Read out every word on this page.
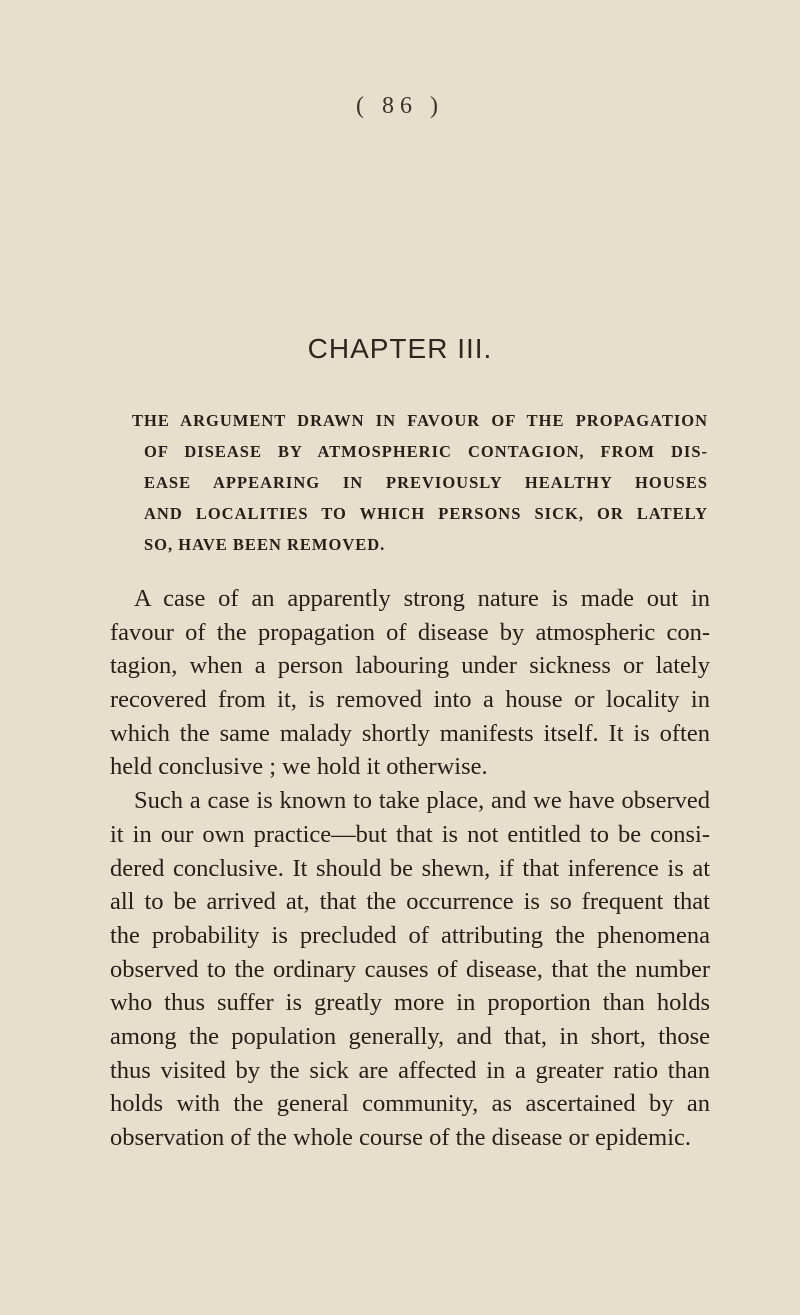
( 86 )
CHAPTER III.
THE ARGUMENT DRAWN IN FAVOUR OF THE PROPAGATION
OF DISEASE BY ATMOSPHERIC CONTAGION, FROM DIS-
EASE APPEARING IN PREVIOUSLY HEALTHY HOUSES
AND LOCALITIES TO WHICH PERSONS SICK, OR LATELY
SO, HAVE BEEN REMOVED.
A case of an apparently strong nature is made out in
favour of the propagation of disease by atmospheric con-
tagion, when a person labouring under sickness or lately
recovered from it, is removed into a house or locality in
which the same malady shortly manifests itself. It is often
held conclusive ; we hold it otherwise.
Such a case is known to take place, and we have observed
it in our own practice—but that is not entitled to be consi-
dered conclusive. It should be shewn, if that inference is at
all to be arrived at, that the occurrence is so frequent that
the probability is precluded of attributing the phenomena
observed to the ordinary causes of disease, that the number
who thus suffer is greatly more in proportion than holds
among the population generally, and that, in short, those
thus visited by the sick are affected in a greater ratio than
holds with the general community, as ascertained by an
observation of the whole course of the disease or epidemic.
